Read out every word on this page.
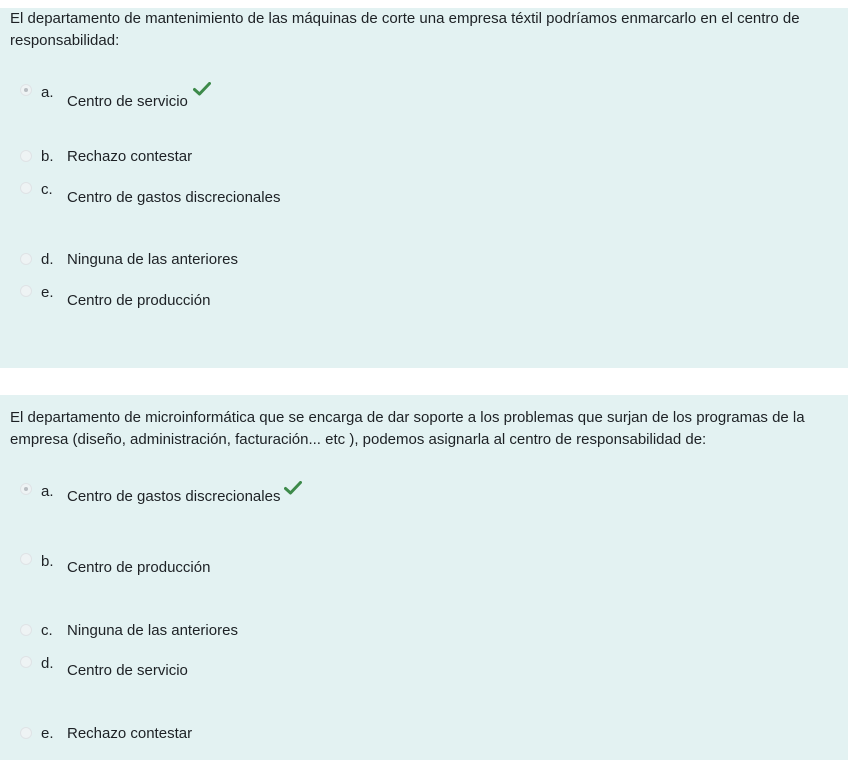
El departamento de mantenimiento de las máquinas de corte una empresa téxtil podríamos enmarcarlo en el centro de responsabilidad:
a.
Centro de servicio
b. Rechazo contestar
c. Centro de gastos discrecionales
d. Ninguna de las anteriores
e. Centro de producción
El departamento de microinformática que se encarga de dar soporte a los problemas que surjan de los programas de la empresa (diseño, administración, facturación... etc ), podemos asignarla al centro de responsabilidad de:
a. Centro de gastos discrecionales
b. Centro de producción
c. Ninguna de las anteriores
d. Centro de servicio
e. Rechazo contestar
